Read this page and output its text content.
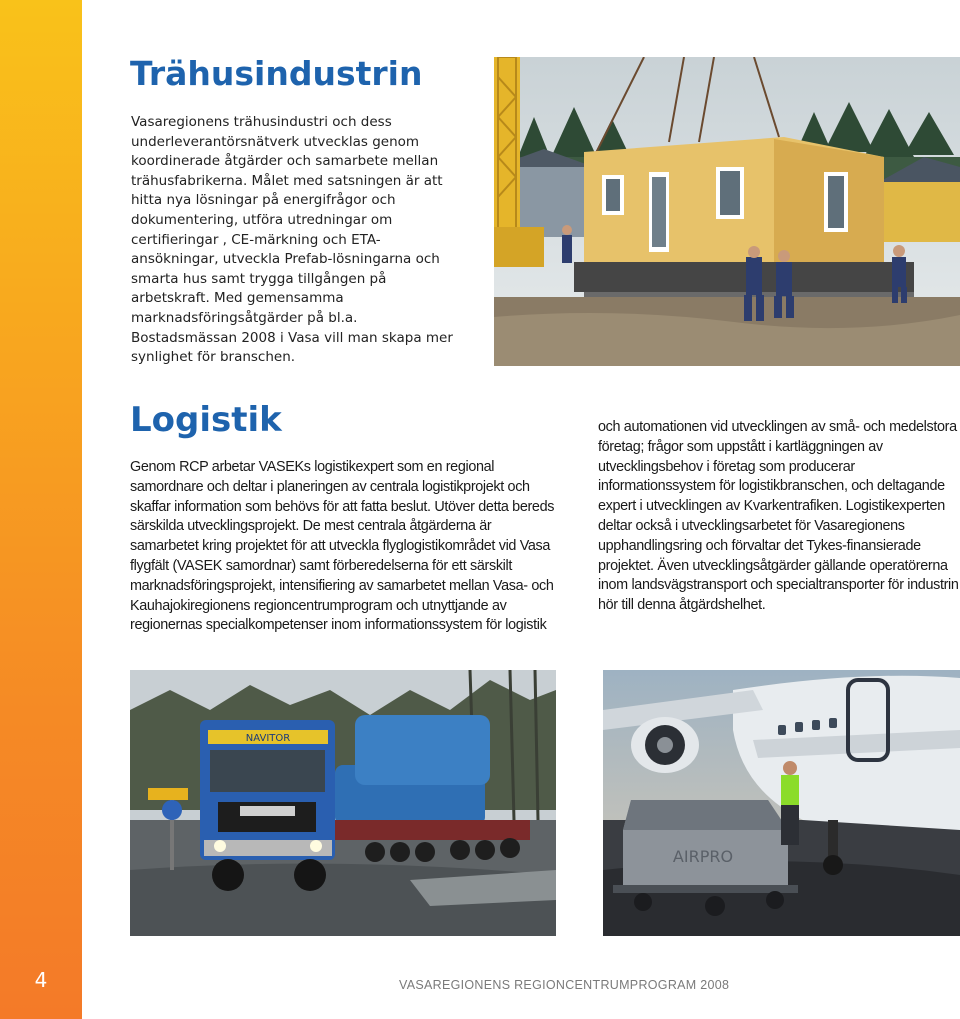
4
Trähusindustrin
Vasaregionens trähusindustri och dess underleverantörsnätverk utvecklas genom koordinerade åtgärder och samarbete mellan trähusfabrikerna. Målet med satsningen är att hitta nya lösningar på energifrågor och dokumentering, utföra utredningar om certifieringar , CE-märkning och ETA-ansökningar, utveckla Prefab-lösningarna och smarta hus samt trygga tillgången på arbetskraft. Med gemensamma marknadsföringsåtgärder på bl.a. Bostadsmässan 2008 i Vasa vill man skapa mer synlighet för branschen.
Logistik
Genom RCP arbetar VASEKs logistikexpert som en regional samordnare och deltar i planeringen av centrala logistikprojekt och skaffar information som behövs för att fatta beslut. Utöver detta bereds särskilda utvecklingsprojekt. De mest centrala åtgärderna är samarbetet kring projektet för att utveckla flyglogistikområdet vid Vasa flygfält (VASEK samordnar) samt förberedelserna för ett särskilt marknadsföringsprojekt, intensifiering av samarbetet mellan Vasa- och Kauhajokiregionens regioncentrumprogram och utnyttjande av regionernas specialkompetenser inom informationssystem för logistik
och automationen vid utvecklingen av små- och medelstora företag; frågor som uppstått i kartläggningen av utvecklingsbehov i företag som producerar informationssystem för logistikbranschen, och deltagande expert i utvecklingen av Kvarkentrafiken. Logistikexperten deltar också i utvecklingsarbetet för Vasaregionens upphandlingsring och förvaltar det Tykes-finansierade projektet. Även utvecklingsåtgärder gällande operatörerna inom landsvägstransport och specialtransporter för industrin hör till denna åtgärdshelhet.
NAVITOR
AIRPRO
VASAREGIONENS REGIONCENTRUMPROGRAM 2008
